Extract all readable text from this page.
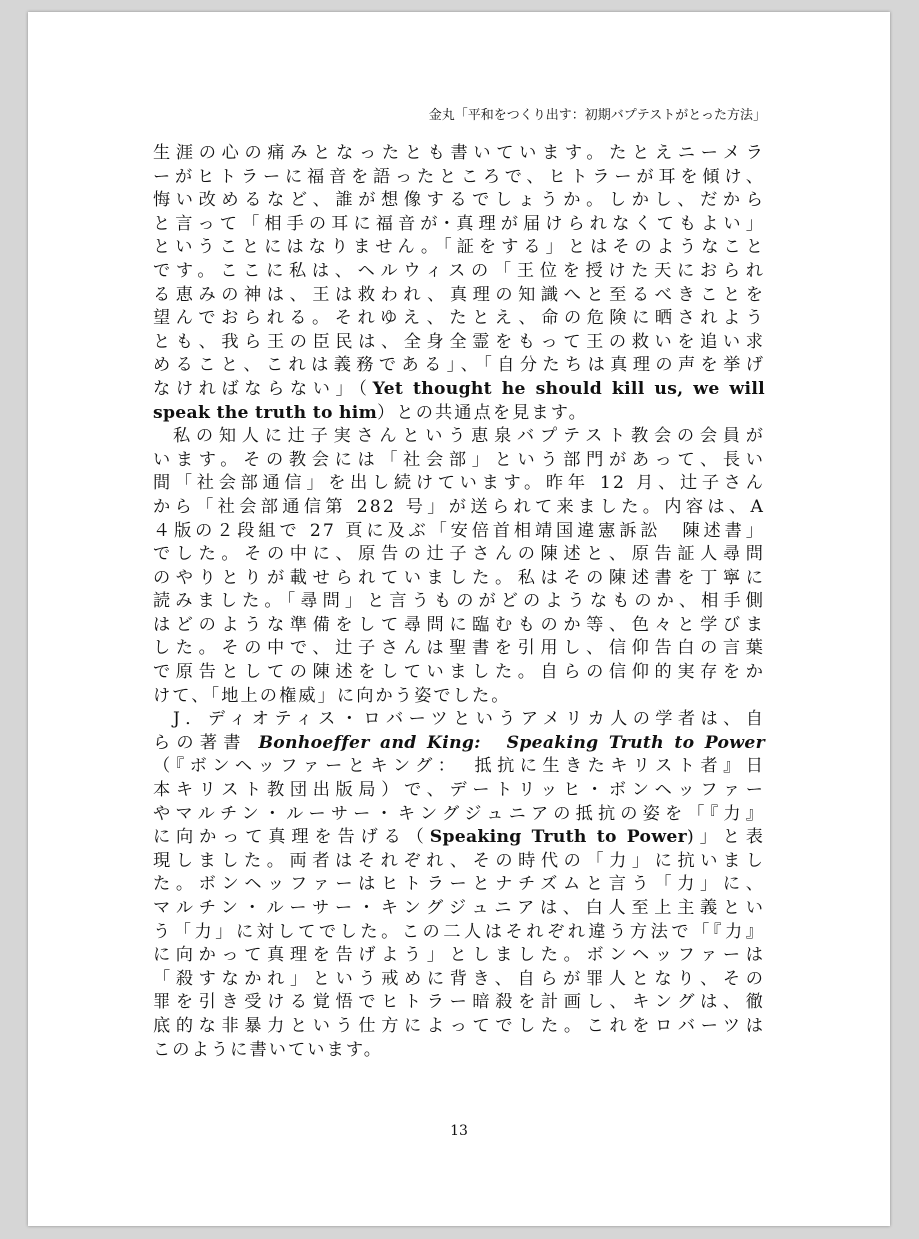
金丸「平和をつくり出す：初期バプテストがとった方法」
生涯の心の痛みとなったとも書いています。たとえニーメラ
ーがヒトラーに福音を語ったところで、ヒトラーが耳を傾け、
悔い改めるなど、誰が想像するでしょうか。しかし、だから
と言って「相手の耳に福音が･真理が届けられなくてもよい」
ということにはなりません。「証をする」とはそのようなこと
です。ここに私は、ヘルウィスの「王位を授けた天におられ
る恵みの神は、王は救われ、真理の知識へと至るべきことを
望んでおられる。それゆえ、たとえ、命の危険に晒されよう
とも、我ら王の臣民は、全身全霊をもって王の救いを追い求
めること、これは義務である」、「自分たちは真理の声を挙げ
なければならない」（Yet thought he should kill us, we will
speak the truth to him）との共通点を見ます。
私の知人に辻子実さんという恵泉バプテスト教会の会員が
います。その教会には「社会部」という部門があって、長い
間「社会部通信」を出し続けています。昨年 12 月、辻子さん
から「社会部通信第 282 号」が送られて来ました。内容は、A
４版の２段組で 27 頁に及ぶ「安倍首相靖国違憲訴訟　陳述書」
でした。その中に、原告の辻子さんの陳述と、原告証人尋問
のやりとりが載せられていました。私はその陳述書を丁寧に
読みました。「尋問」と言うものがどのようなものか、相手側
はどのような準備をして尋問に臨むものか等、色々と学びま
した。その中で、辻子さんは聖書を引用し、信仰告白の言葉
で原告としての陳述をしていました。自らの信仰的実存をか
けて、「地上の権威」に向かう姿でした。
J．ディオティス・ロバーツというアメリカ人の学者は、自
らの著書 Bonhoeffer and King:　Speaking Truth to Power
（『ボンヘッファーとキング：　抵抗に生きたキリスト者』日
本キリスト教団出版局）で、デートリッヒ・ボンヘッファー
やマルチン・ルーサー・キングジュニアの抵抗の姿を「『力』
に向かって真理を告げる（Speaking Truth to Power)」と表
現しました。両者はそれぞれ、その時代の「力」に抗いまし
た。ボンヘッファーはヒトラーとナチズムと言う「力」に、
マルチン・ルーサー・キングジュニアは、白人至上主義とい
う「力」に対してでした。この二人はそれぞれ違う方法で「『力』
に向かって真理を告げよう」としました。ボンヘッファーは
「殺すなかれ」という戒めに背き、自らが罪人となり、その
罪を引き受ける覚悟でヒトラー暗殺を計画し、キングは、徹
底的な非暴力という仕方によってでした。これをロバーツは
このように書いています。
13
